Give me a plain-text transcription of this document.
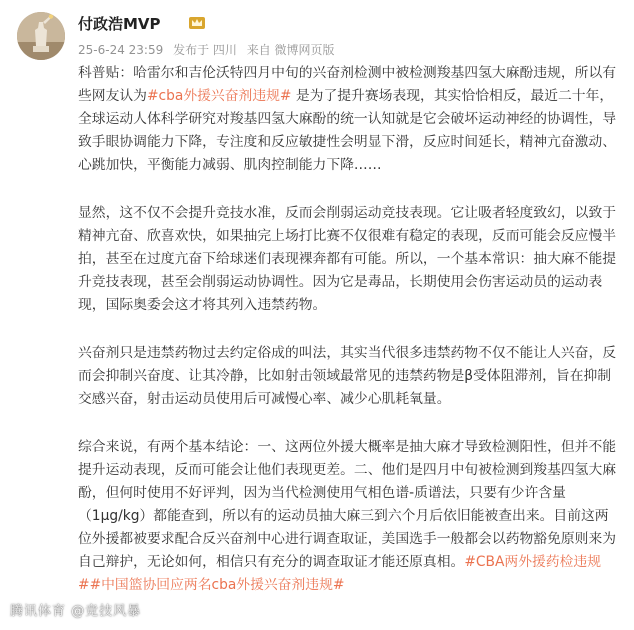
付政浩MVP
25-6-24 23:59 发布于 四川 来自 微博网页版

科普贴：哈雷尔和吉伦沃特四月中旬的兴奋剂检测中被检测羧基四氢大麻酚违规，所以有些网友认为#cba外援兴奋剂违规# 是为了提升赛场表现，其实恰恰相反，最近二十年，全球运动人体科学研究对羧基四氢大麻酚的统一认知就是它会破坏运动神经的协调性，导致手眼协调能力下降，专注度和反应敏捷性会明显下滑，反应时间延长，精神亢奋激动、心跳加快，平衡能力减弱、肌肉控制能力下降……

显然，这不仅不会提升竞技水准，反而会削弱运动竞技表现。它让吸者轻度致幻，以致于精神亢奋、欣喜欢快，如果抽完上场打比赛不仅很难有稳定的表现，反而可能会反应慢半拍，甚至在过度亢奋下给球迷们表现裸奔都有可能。所以，一个基本常识：抽大麻不能提升竞技表现，甚至会削弱运动协调性。因为它是毒品，长期使用会伤害运动员的运动表现，国际奥委会这才将其列入违禁药物。

兴奋剂只是违禁药物过去约定俗成的叫法，其实当代很多违禁药物不仅不能让人兴奋，反而会抑制兴奋度、让其冷静，比如射击领域最常见的违禁药物是β受体阻滞剂，旨在抑制交感兴奋，射击运动员使用后可减慢心率、减少心肌耗氧量。

综合来说，有两个基本结论：一、这两位外援大概率是抽大麻才导致检测阳性，但并不能提升运动表现，反而可能会让他们表现更差。二、他们是四月中旬被检测到羧基四氢大麻酚，但何时使用不好评判，因为当代检测使用气相色谱-质谱法，只要有少许含量（1μg/kg）都能查到，所以有的运动员抽大麻三到六个月后依旧能被查出来。目前这两位外援都被要求配合反兴奋剂中心进行调查取证，美国选手一般都会以药物豁免原则来为自己辩护，无论如何，相信只有充分的调查取证才能还原真相。#CBA两外援药检违规##中国篮协回应两名cba外援兴奋剂违规#

腾讯体育 @竞技风暴
